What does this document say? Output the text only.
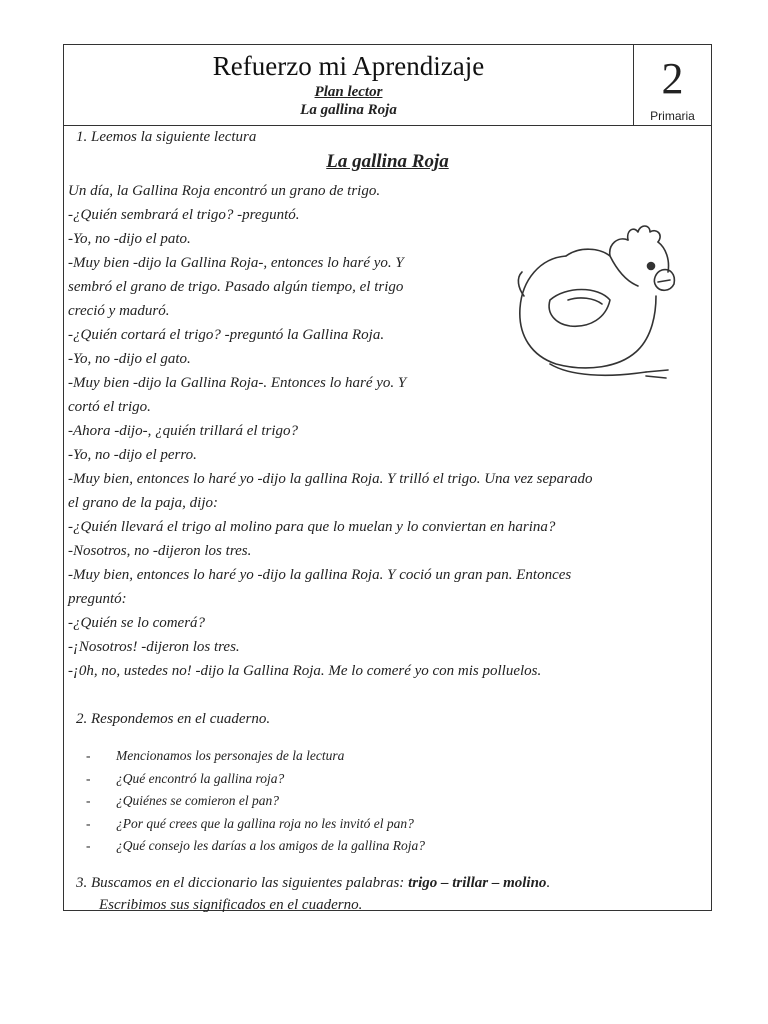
Refuerzo mi Aprendizaje
Plan lector
La gallina Roja
2
Primaria
1. Leemos la siguiente lectura
La gallina Roja
Un día, la Gallina Roja encontró un grano de trigo.
-¿Quién sembrará el trigo? -preguntó.
-Yo, no -dijo el pato.
-Muy bien -dijo la Gallina Roja-, entonces lo haré yo. Y
sembró el grano de trigo. Pasado algún tiempo, el trigo
creció y maduró.
-¿Quién cortará el trigo? -preguntó la Gallina Roja.
-Yo, no -dijo el gato.
-Muy bien -dijo la Gallina Roja-. Entonces lo haré yo. Y
cortó el trigo.
-Ahora -dijo-, ¿quién trillará el trigo?
-Yo, no -dijo el perro.
-Muy bien, entonces lo haré yo -dijo la gallina Roja. Y trilló el trigo. Una vez separado
el grano de la paja, dijo:
-¿Quién llevará el trigo al molino para que lo muelan y lo conviertan en harina?
-Nosotros, no -dijeron los tres.
-Muy bien, entonces lo haré yo -dijo la gallina Roja. Y coció un gran pan. Entonces
preguntó:
-¿Quién se lo comerá?
-¡Nosotros! -dijeron los tres.
-¡0h, no, ustedes no! -dijo la Gallina Roja. Me lo comeré yo con mis polluelos.
2. Respondemos en el cuaderno.
- Mencionamos los personajes de la lectura
- ¿Qué encontró la gallina roja?
- ¿Quiénes se comieron el pan?
- ¿Por qué crees que la gallina roja no les invitó el pan?
- ¿Qué consejo les darías a los amigos de la gallina Roja?
3. Buscamos en el diccionario las siguientes palabras: trigo – trillar – molino.
Escribimos sus significados en el cuaderno.
